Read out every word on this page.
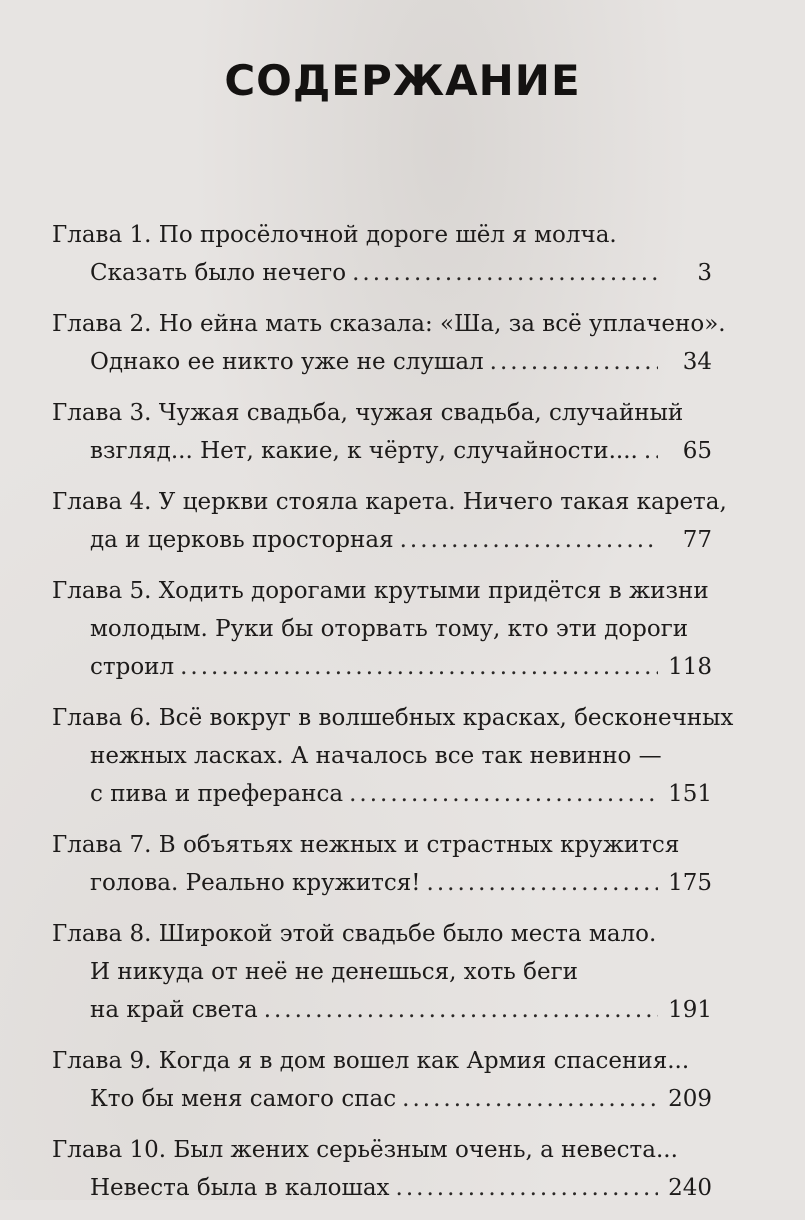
СОДЕРЖАНИЕ
Глава 1. По просёлочной дороге шёл я молча.
Сказать было нечего .....	3
Глава 2. Но ейна мать сказала: «Ша, за всё уплачено».
Однако ее никто уже не слушал .....	34
Глава 3. Чужая свадьба, чужая свадьба, случайный
взгляд... Нет, какие, к чёрту, случайности.... .....	65
Глава 4. У церкви стояла карета. Ничего такая карета,
да и церковь просторная .....	77
Глава 5. Ходить дорогами крутыми придётся в жизни
молодым. Руки бы оторвать тому, кто эти дороги
строил .....	118
Глава 6. Всё вокруг в волшебных красках, бесконечных
нежных ласках. А началось все так невинно —
с пива и преферанса .....	151
Глава 7. В объятьях нежных и страстных кружится
голова. Реально кружится! .....	175
Глава 8. Широкой этой свадьбе было места мало.
И никуда от неё не денешься, хоть беги
на край света .....	191
Глава 9. Когда я в дом вошел как Армия спасения...
Кто бы меня самого спас .....	209
Глава 10. Был жених серьёзным очень, а невеста...
Невеста была в калошах .....	240
